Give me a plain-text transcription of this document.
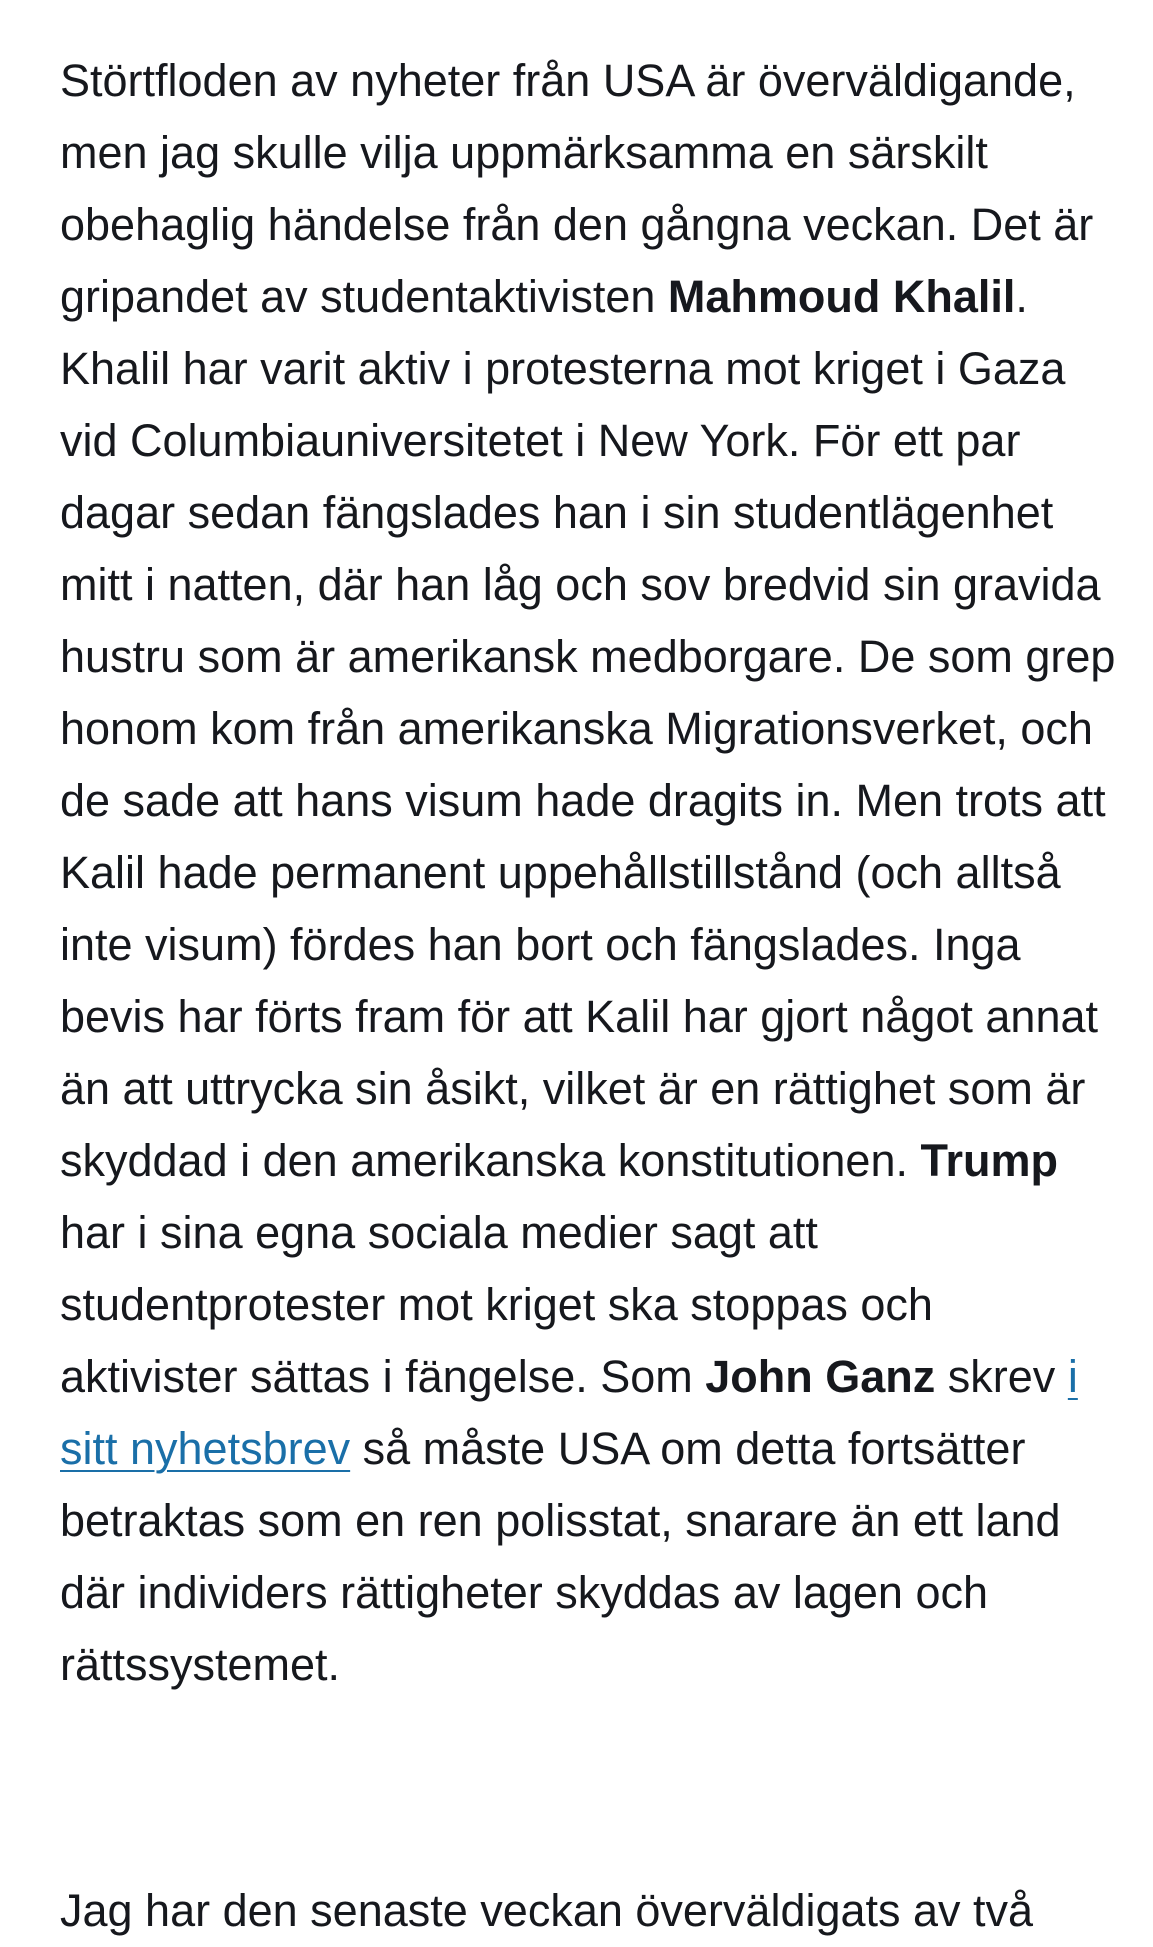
Störtfloden av nyheter från USA är överväldigande, men jag skulle vilja uppmärksamma en särskilt obehaglig händelse från den gångna veckan. Det är gripandet av studentaktivisten Mahmoud Khalil. Khalil har varit aktiv i protesterna mot kriget i Gaza vid Columbiauniversitetet i New York. För ett par dagar sedan fängslades han i sin studentlägenhet mitt i natten, där han låg och sov bredvid sin gravida hustru som är amerikansk medborgare. De som grep honom kom från amerikanska Migrationsverket, och de sade att hans visum hade dragits in. Men trots att Kalil hade permanent uppehållstillstånd (och alltså inte visum) fördes han bort och fängslades. Inga bevis har förts fram för att Kalil har gjort något annat än att uttrycka sin åsikt, vilket är en rättighet som är skyddad i den amerikanska konstitutionen. Trump har i sina egna sociala medier sagt att studentprotester mot kriget ska stoppas och aktivister sättas i fängelse. Som John Ganz skrev i sitt nyhetsbrev så måste USA om detta fortsätter betraktas som en ren polisstat, snarare än ett land där individers rättigheter skyddas av lagen och rättssystemet.

Jag har den senaste veckan överväldigats av två
